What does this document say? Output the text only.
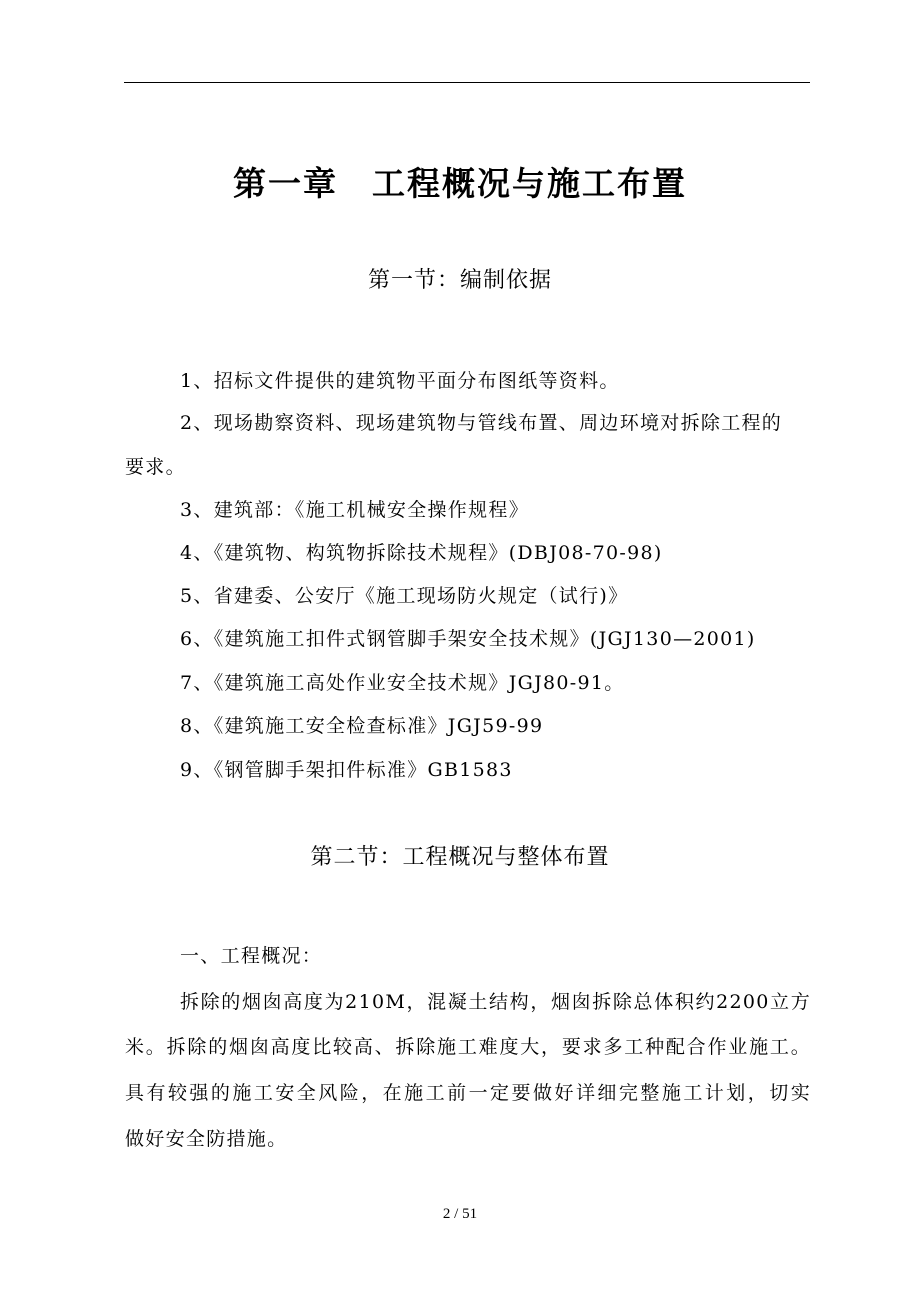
第一章 工程概况与施工布置
第一节：编制依据
1、招标文件提供的建筑物平面分布图纸等资料。
2、现场勘察资料、现场建筑物与管线布置、周边环境对拆除工程的
要求。
3、建筑部：《施工机械安全操作规程》
4、《建筑物、构筑物拆除技术规程》(DBJ08-70-98)
5、省建委、公安厅《施工现场防火规定（试行)》
6、《建筑施工扣件式钢管脚手架安全技术规》(JGJ130—2001)
7、《建筑施工高处作业安全技术规》JGJ80-91。
8、《建筑施工安全检查标准》JGJ59-99
9、《钢管脚手架扣件标准》GB1583
第二节：工程概况与整体布置
一、工程概况：
拆除的烟囱高度为210M，混凝土结构，烟囱拆除总体积约2200立方
米。拆除的烟囱高度比较高、拆除施工难度大，要求多工种配合作业施工。
具有较强的施工安全风险，在施工前一定要做好详细完整施工计划，切实
做好安全防措施。
2 / 51
